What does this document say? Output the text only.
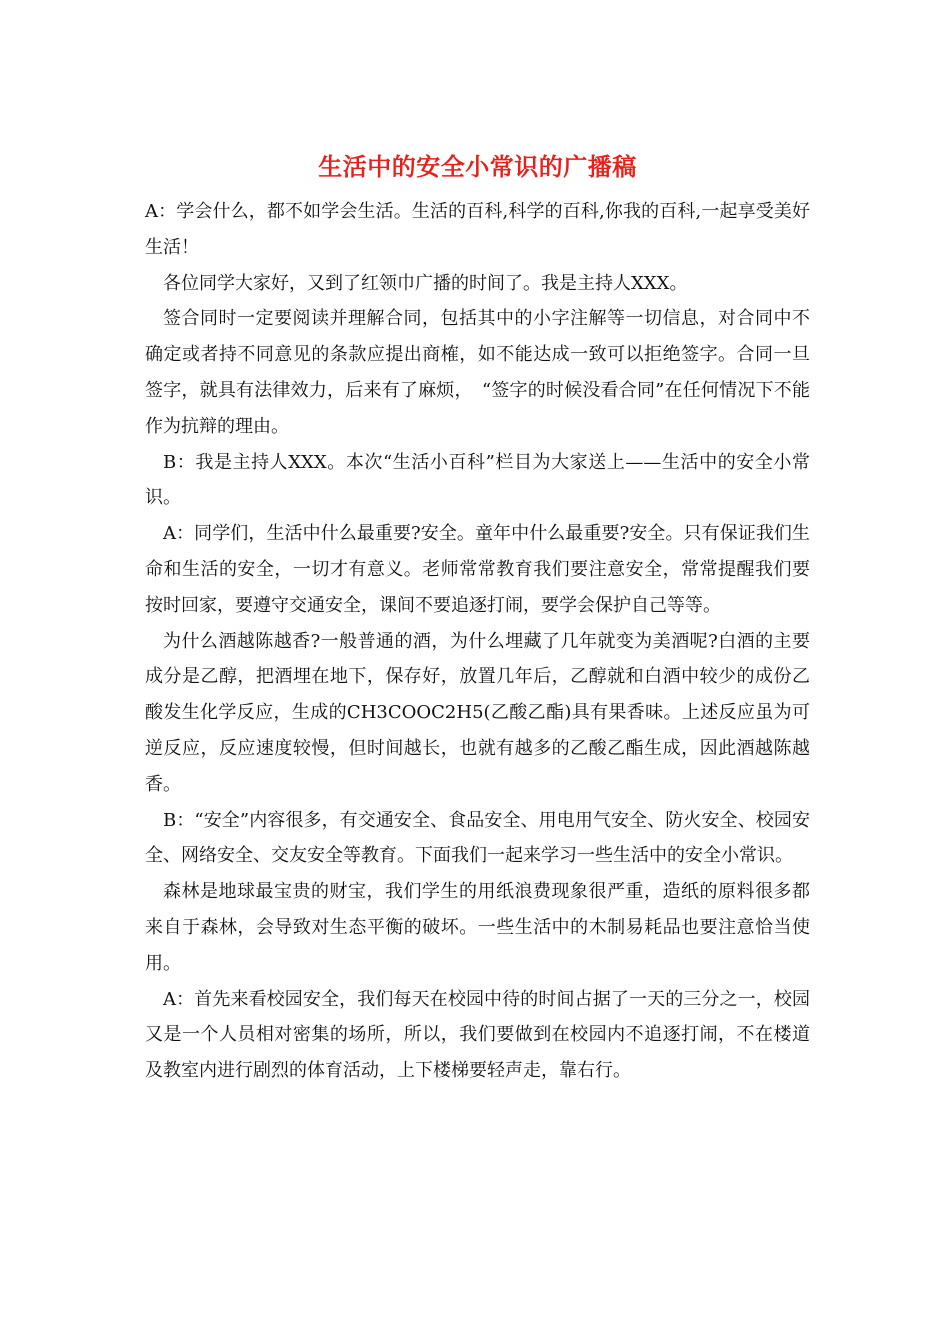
生活中的安全小常识的广播稿

A：学会什么，都不如学会生活。生活的百科,科学的百科,你我的百科,一起享受美好生活！

各位同学大家好，又到了红领巾广播的时间了。我是主持人XXX。

签合同时一定要阅读并理解合同，包括其中的小字注解等一切信息，对合同中不确定或者持不同意见的条款应提出商榷，如不能达成一致可以拒绝签字。合同一旦签字，就具有法律效力，后来有了麻烦，　“签字的时候没看合同”在任何情况下不能作为抗辩的理由。

B：我是主持人XXX。本次“生活小百科”栏目为大家送上——生活中的安全小常识。

A：同学们，生活中什么最重要?安全。童年中什么最重要?安全。只有保证我们生命和生活的安全，一切才有意义。老师常常教育我们要注意安全，常常提醒我们要按时回家，要遵守交通安全，课间不要追逐打闹，要学会保护自己等等。

为什么酒越陈越香?一般普通的酒，为什么埋藏了几年就变为美酒呢?白酒的主要成分是乙醇，把酒埋在地下，保存好，放置几年后，乙醇就和白酒中较少的成份乙酸发生化学反应，生成的CH3COOC2H5(乙酸乙酯)具有果香味。上述反应虽为可逆反应，反应速度较慢，但时间越长，也就有越多的乙酸乙酯生成，因此酒越陈越香。

B：“安全”内容很多，有交通安全、食品安全、用电用气安全、防火安全、校园安全、网络安全、交友安全等教育。下面我们一起来学习一些生活中的安全小常识。

森林是地球最宝贵的财宝，我们学生的用纸浪费现象很严重，造纸的原料很多都来自于森林，会导致对生态平衡的破坏。一些生活中的木制易耗品也要注意恰当使用。

A：首先来看校园安全，我们每天在校园中待的时间占据了一天的三分之一，校园又是一个人员相对密集的场所，所以，我们要做到在校园内不追逐打闹，不在楼道及教室内进行剧烈的体育活动，上下楼梯要轻声走，靠右行。
